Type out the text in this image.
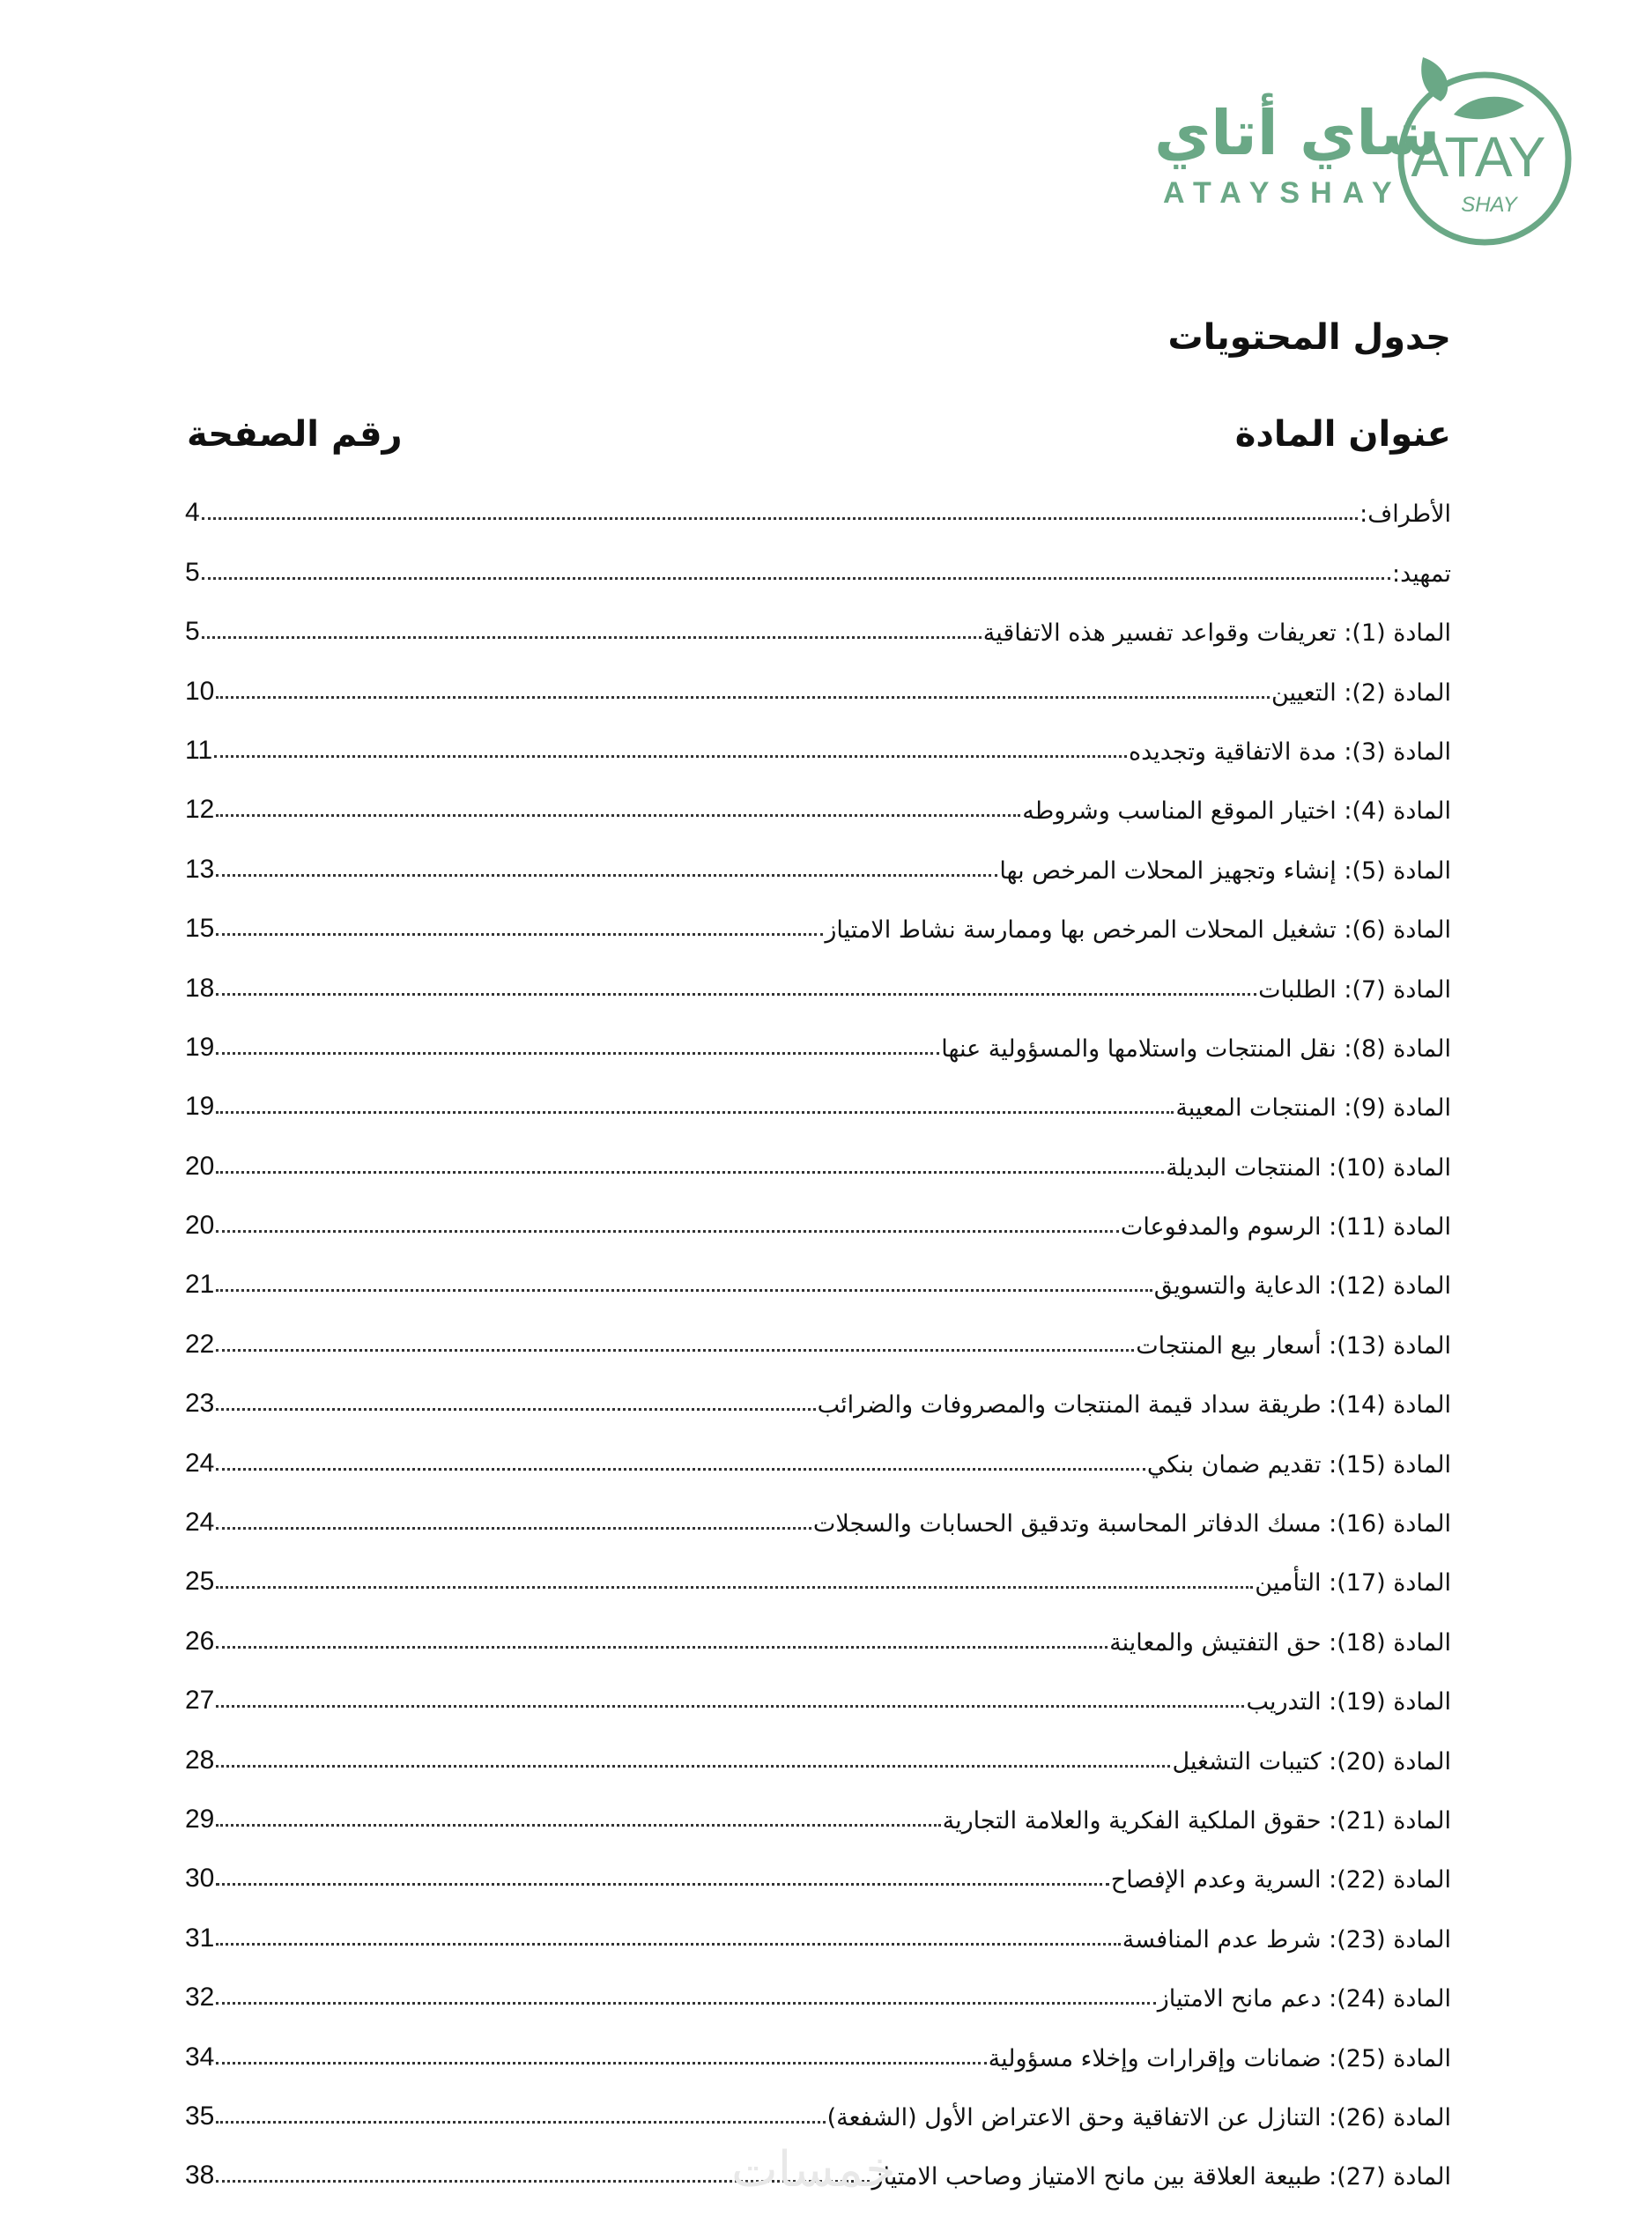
شاي أتاي
ATAYSHAY
ATAY
SHAY
جدول المحتويات
عنوان المادة
رقم الصفحة
الأطراف:
4
تمهيد:
5
المادة (1): تعريفات وقواعد تفسير هذه الاتفاقية
5
المادة (2): التعيين
10
المادة (3): مدة الاتفاقية وتجديده
11
المادة (4): اختيار الموقع المناسب وشروطه
12
المادة (5): إنشاء وتجهيز المحلات المرخص بها
13
المادة (6): تشغيل المحلات المرخص بها وممارسة نشاط الامتياز
15
المادة (7): الطلبات
18
المادة (8): نقل المنتجات واستلامها والمسؤولية عنها
19
المادة (9): المنتجات المعيبة
19
المادة (10): المنتجات البديلة
20
المادة (11): الرسوم والمدفوعات
20
المادة (12): الدعاية والتسويق
21
المادة (13): أسعار بيع المنتجات
22
المادة (14): طريقة سداد قيمة المنتجات والمصروفات والضرائب
23
المادة (15): تقديم ضمان بنكي
24
المادة (16): مسك الدفاتر المحاسبة وتدقيق الحسابات والسجلات
24
المادة (17): التأمين
25
المادة (18): حق التفتيش والمعاينة
26
المادة (19): التدريب
27
المادة (20): كتيبات التشغيل
28
المادة (21): حقوق الملكية الفكرية والعلامة التجارية
29
المادة (22): السرية وعدم الإفصاح
30
المادة (23): شرط عدم المنافسة
31
المادة (24): دعم مانح الامتياز
32
المادة (25): ضمانات وإقرارات وإخلاء مسؤولية
34
المادة (26): التنازل عن الاتفاقية وحق الاعتراض الأول (الشفعة)
35
المادة (27): طبيعة العلاقة بين مانح الامتياز وصاحب الامتياز
38	خمسات
